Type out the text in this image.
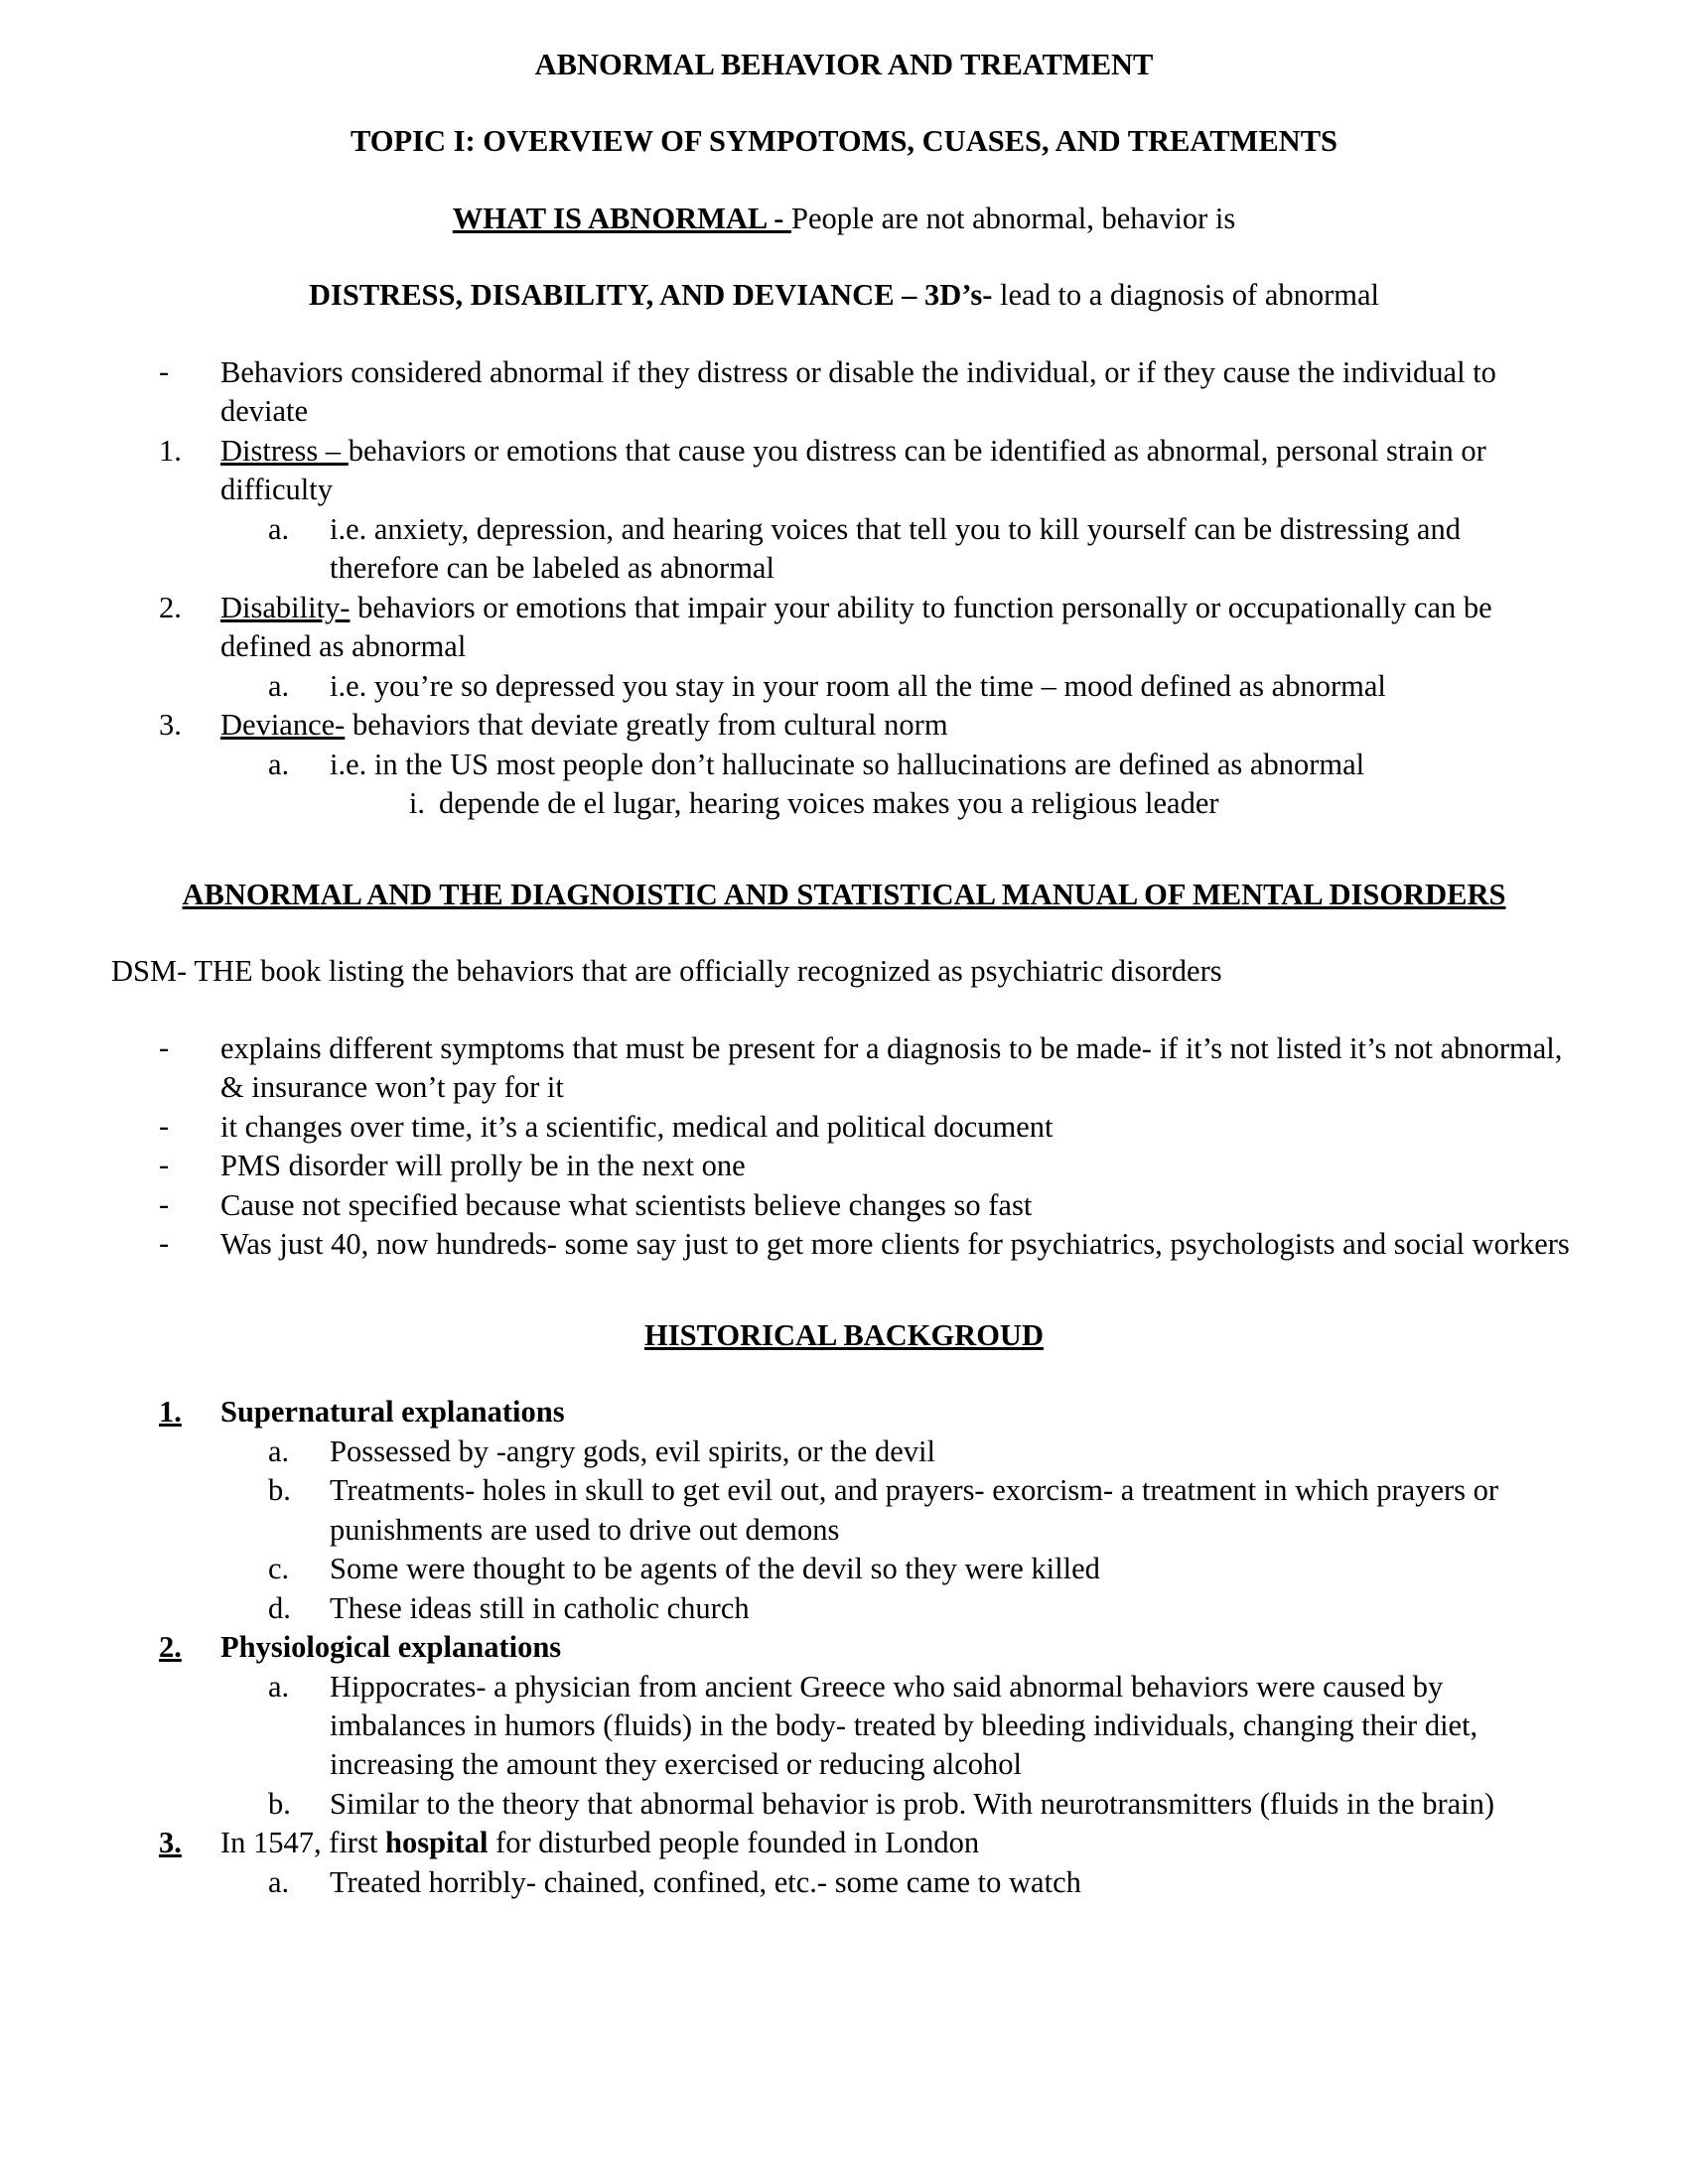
ABNORMAL BEHAVIOR AND TREATMENT

TOPIC I: OVERVIEW OF SYMPOTOMS, CUASES, AND TREATMENTS

WHAT IS ABNORMAL - People are not abnormal, behavior is

DISTRESS, DISABILITY, AND DEVIANCE – 3D’s- lead to a diagnosis of abnormal

- Behaviors considered abnormal if they distress or disable the individual, or if they cause the individual to deviate
1.	Distress – behaviors or emotions that cause you distress can be identified as abnormal, personal strain or difficulty
a.	i.e. anxiety, depression, and hearing voices that tell you to kill yourself can be distressing and therefore can be labeled as abnormal
2.	Disability- behaviors or emotions that impair your ability to function personally or occupationally can be defined as abnormal
a.	i.e. you’re so depressed you stay in your room all the time – mood defined as abnormal
3.	Deviance- behaviors that deviate greatly from cultural norm
a.	i.e. in the US most people don’t hallucinate so hallucinations are defined as abnormal
i. depende de el lugar, hearing voices makes you a religious leader

ABNORMAL AND THE DIAGNOISTIC AND STATISTICAL MANUAL OF MENTAL DISORDERS

DSM- THE book listing the behaviors that are officially recognized as psychiatric disorders

- explains different symptoms that must be present for a diagnosis to be made- if it’s not listed it’s not abnormal, & insurance won’t pay for it
- it changes over time, it’s a scientific, medical and political document
- PMS disorder will prolly be in the next one
- Cause not specified because what scientists believe changes so fast
- Was just 40, now hundreds- some say just to get more clients for psychiatrics, psychologists and social workers

HISTORICAL BACKGROUD

1.	Supernatural explanations
a.	Possessed by -angry gods, evil spirits, or the devil
b.	Treatments- holes in skull to get evil out, and prayers- exorcism- a treatment in which prayers or punishments are used to drive out demons
c.	Some were thought to be agents of the devil so they were killed
d.	These ideas still in catholic church
2.	Physiological explanations
a.	Hippocrates- a physician from ancient Greece who said abnormal behaviors were caused by imbalances in humors (fluids) in the body- treated by bleeding individuals, changing their diet, increasing the amount they exercised or reducing alcohol
b.	Similar to the theory that abnormal behavior is prob. With neurotransmitters (fluids in the brain)
3.	In 1547, first hospital for disturbed people founded in London
a.	Treated horribly- chained, confined, etc.- some came to watch
